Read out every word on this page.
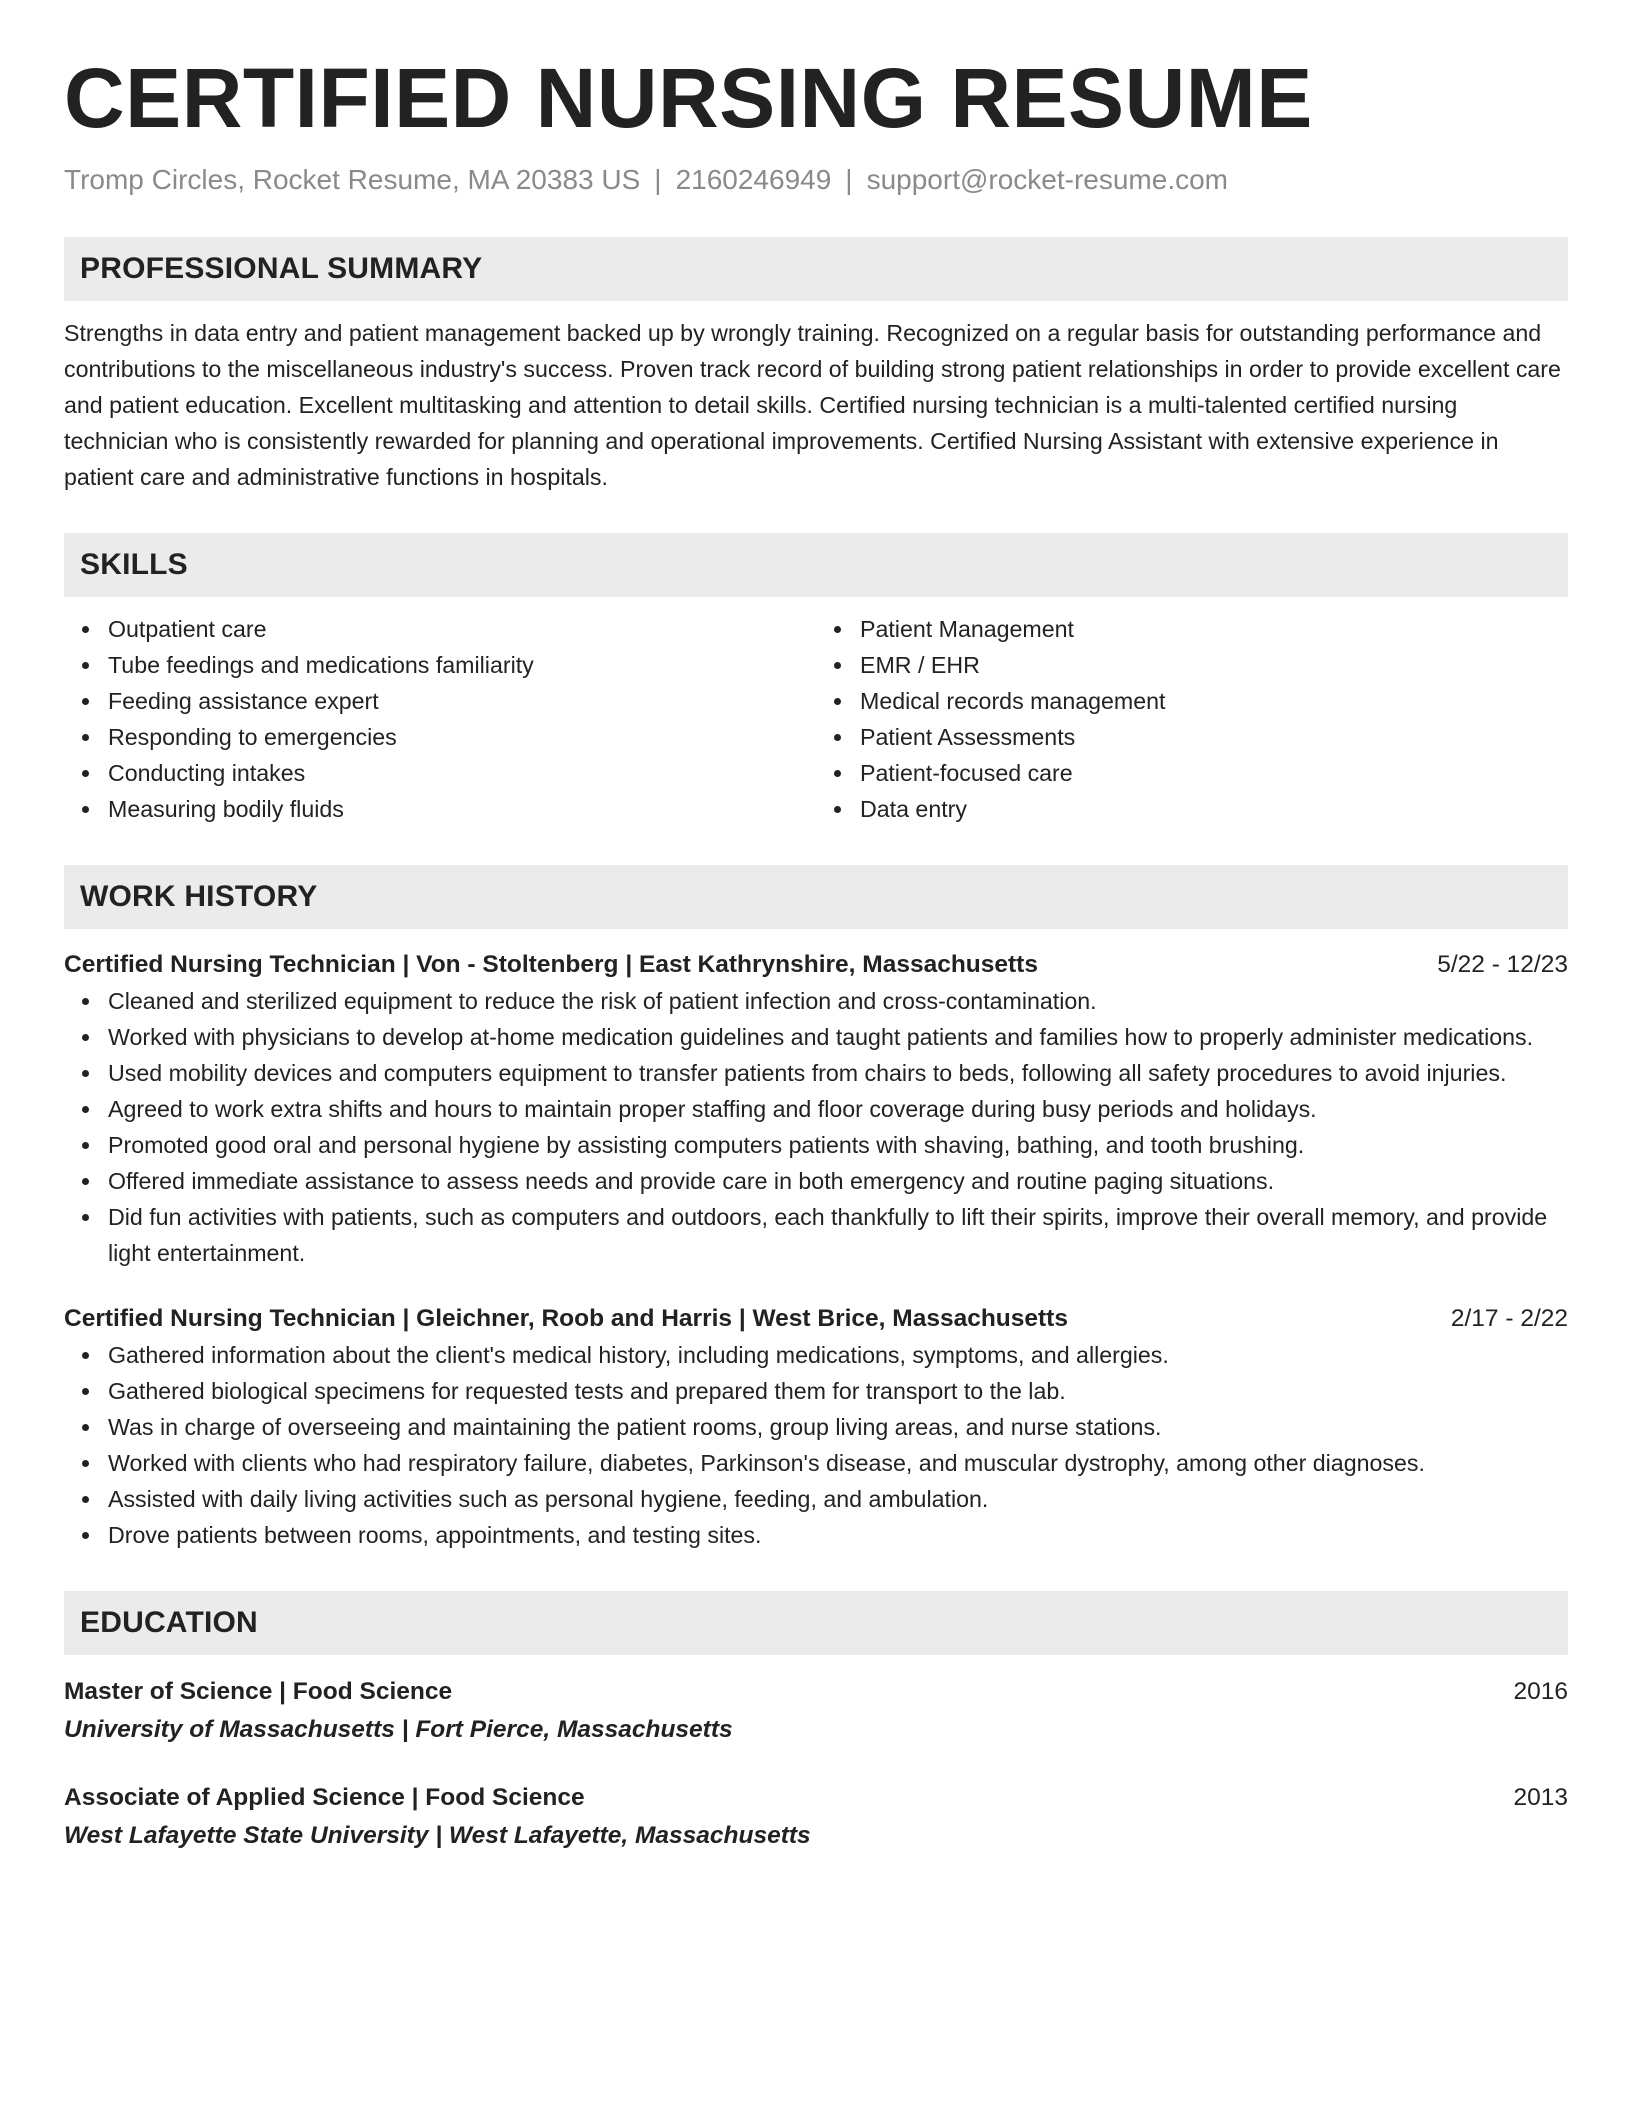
CERTIFIED NURSING RESUME
Tromp Circles, Rocket Resume, MA 20383 US | 2160246949 | support@rocket-resume.com
PROFESSIONAL SUMMARY
Strengths in data entry and patient management backed up by wrongly training. Recognized on a regular basis for outstanding performance and contributions to the miscellaneous industry's success. Proven track record of building strong patient relationships in order to provide excellent care and patient education. Excellent multitasking and attention to detail skills. Certified nursing technician is a multi-talented certified nursing technician who is consistently rewarded for planning and operational improvements. Certified Nursing Assistant with extensive experience in patient care and administrative functions in hospitals.
SKILLS
Outpatient care
Tube feedings and medications familiarity
Feeding assistance expert
Responding to emergencies
Conducting intakes
Measuring bodily fluids
Patient Management
EMR / EHR
Medical records management
Patient Assessments
Patient-focused care
Data entry
WORK HISTORY
Certified Nursing Technician | Von - Stoltenberg | East Kathrynshire, Massachusetts	5/22 - 12/23
Cleaned and sterilized equipment to reduce the risk of patient infection and cross-contamination.
Worked with physicians to develop at-home medication guidelines and taught patients and families how to properly administer medications.
Used mobility devices and computers equipment to transfer patients from chairs to beds, following all safety procedures to avoid injuries.
Agreed to work extra shifts and hours to maintain proper staffing and floor coverage during busy periods and holidays.
Promoted good oral and personal hygiene by assisting computers patients with shaving, bathing, and tooth brushing.
Offered immediate assistance to assess needs and provide care in both emergency and routine paging situations.
Did fun activities with patients, such as computers and outdoors, each thankfully to lift their spirits, improve their overall memory, and provide light entertainment.
Certified Nursing Technician | Gleichner, Roob and Harris | West Brice, Massachusetts	2/17 - 2/22
Gathered information about the client's medical history, including medications, symptoms, and allergies.
Gathered biological specimens for requested tests and prepared them for transport to the lab.
Was in charge of overseeing and maintaining the patient rooms, group living areas, and nurse stations.
Worked with clients who had respiratory failure, diabetes, Parkinson's disease, and muscular dystrophy, among other diagnoses.
Assisted with daily living activities such as personal hygiene, feeding, and ambulation.
Drove patients between rooms, appointments, and testing sites.
EDUCATION
Master of Science | Food Science	2016
University of Massachusetts | Fort Pierce, Massachusetts
Associate of Applied Science | Food Science	2013
West Lafayette State University | West Lafayette, Massachusetts
